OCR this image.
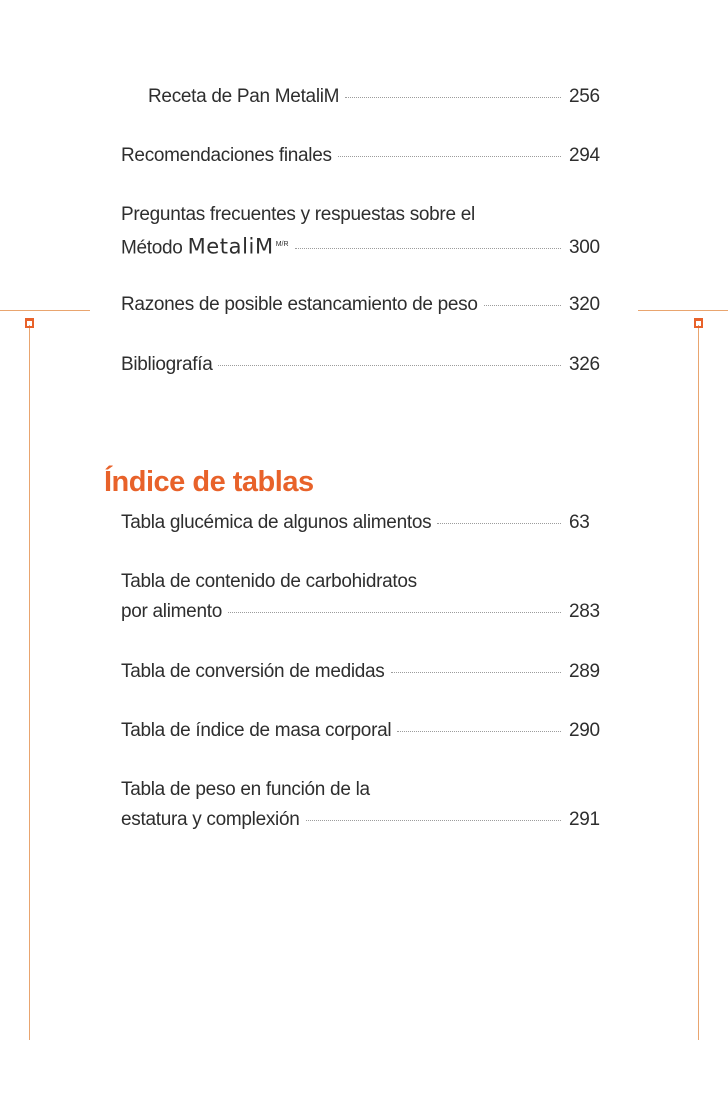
Receta de Pan MetaliM	256
Recomendaciones finales	294
Preguntas frecuentes y respuestas sobre el
Método MetaliM $^{M/R}$	300
Razones de posible estancamiento de peso	320
Bibliografía	326
Índice de tablas
Tabla glucémica de algunos alimentos	63
Tabla de contenido de carbohidratos
por alimento	283
Tabla de conversión de medidas	289
Tabla de índice de masa corporal	290
Tabla de peso en función de la
estatura y complexión	291
